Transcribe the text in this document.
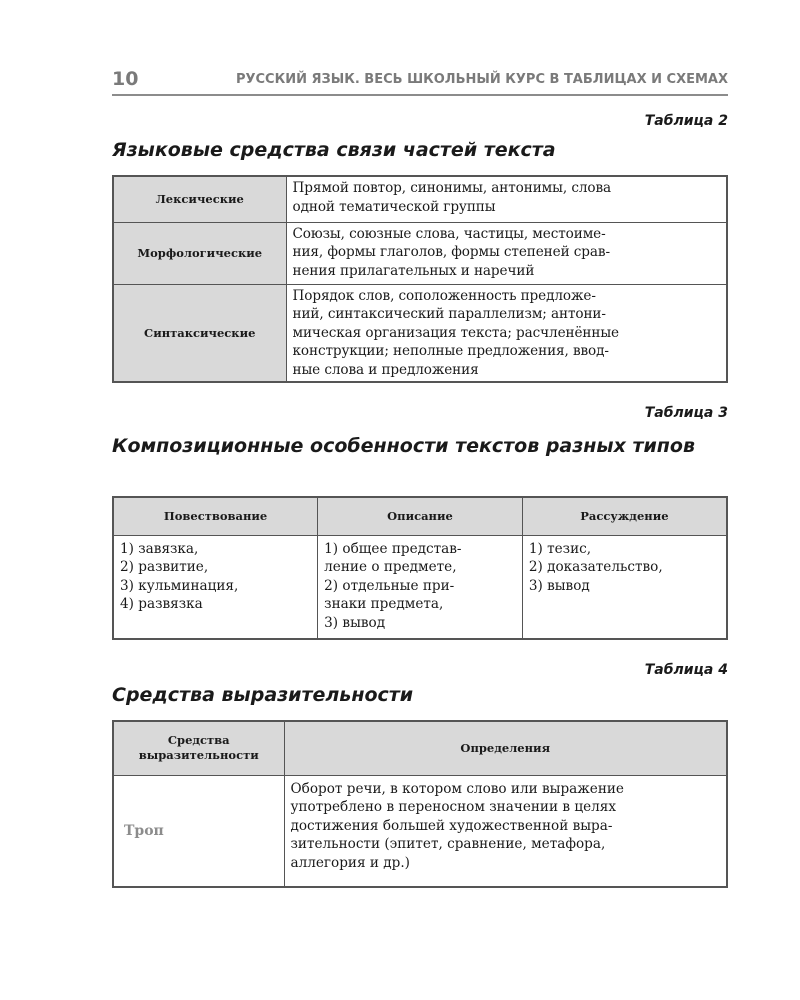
10	РУССКИЙ ЯЗЫК. ВЕСЬ ШКОЛЬНЫЙ КУРС В ТАБЛИЦАХ И СХЕМАХ
Таблица 2
Языковые средства связи частей текста
Лексические	Прямой повтор, синонимы, антонимы, слова
одной тематической группы
Морфологические	Союзы, союзные слова, частицы, местоиме-
ния, формы глаголов, формы степеней срав-
нения прилагательных и наречий
Синтаксические	Порядок слов, соположенность предложе-
ний, синтаксический параллелизм; антони-
мическая организация текста; расчленённые
конструкции; неполные предложения, ввод-
ные слова и предложения
Таблица 3
Композиционные особенности текстов разных типов
Повествование	Описание	Рассуждение
1) завязка,
2) развитие,
3) кульминация,
4) развязка	1) общее представ-
ление о предмете,
2) отдельные при-
знаки предмета,
3) вывод	1) тезис,
2) доказательство,
3) вывод
Таблица 4
Средства выразительности
Средства
выразительности	Определения
Троп	Оборот речи, в котором слово или выражение
употреблено в переносном значении в целях
достижения большей художественной выра-
зительности (эпитет, сравнение, метафора,
аллегория и др.)
